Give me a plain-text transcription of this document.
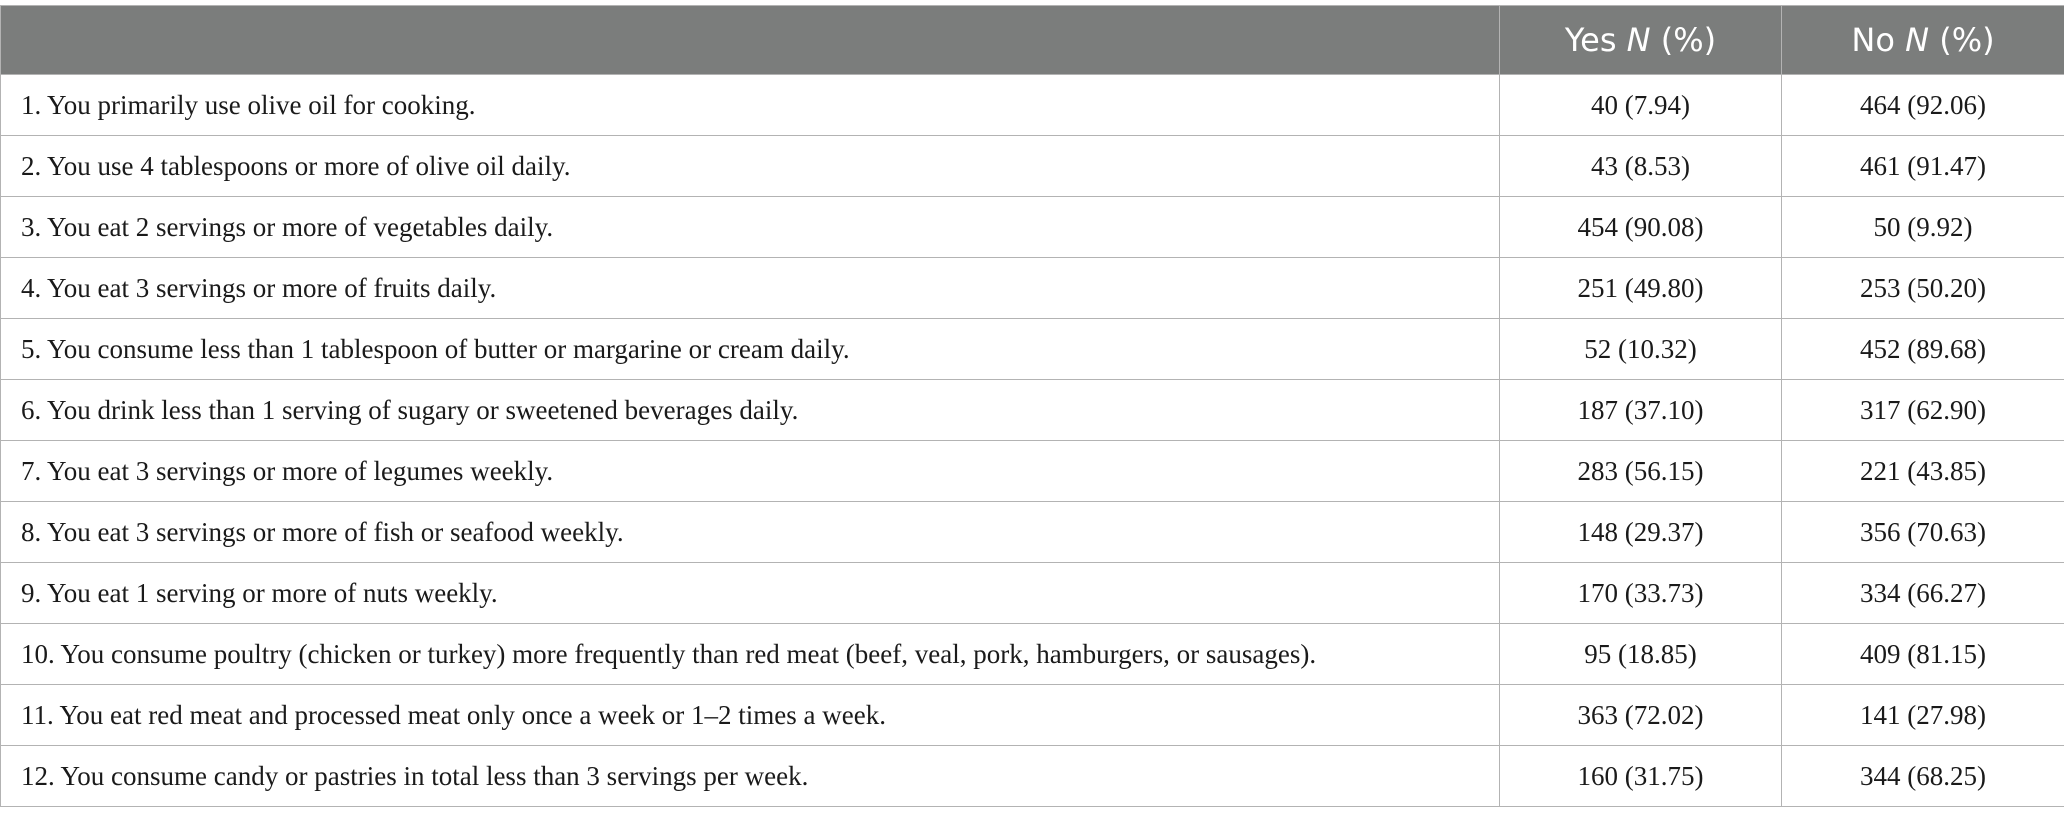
	Yes N (%)	No N (%)
1. You primarily use olive oil for cooking.	40 (7.94)	464 (92.06)
2. You use 4 tablespoons or more of olive oil daily.	43 (8.53)	461 (91.47)
3. You eat 2 servings or more of vegetables daily.	454 (90.08)	50 (9.92)
4. You eat 3 servings or more of fruits daily.	251 (49.80)	253 (50.20)
5. You consume less than 1 tablespoon of butter or margarine or cream daily.	52 (10.32)	452 (89.68)
6. You drink less than 1 serving of sugary or sweetened beverages daily.	187 (37.10)	317 (62.90)
7. You eat 3 servings or more of legumes weekly.	283 (56.15)	221 (43.85)
8. You eat 3 servings or more of fish or seafood weekly.	148 (29.37)	356 (70.63)
9. You eat 1 serving or more of nuts weekly.	170 (33.73)	334 (66.27)
10. You consume poultry (chicken or turkey) more frequently than red meat (beef, veal, pork, hamburgers, or sausages).	95 (18.85)	409 (81.15)
11. You eat red meat and processed meat only once a week or 1–2 times a week.	363 (72.02)	141 (27.98)
12. You consume candy or pastries in total less than 3 servings per week.	160 (31.75)	344 (68.25)
